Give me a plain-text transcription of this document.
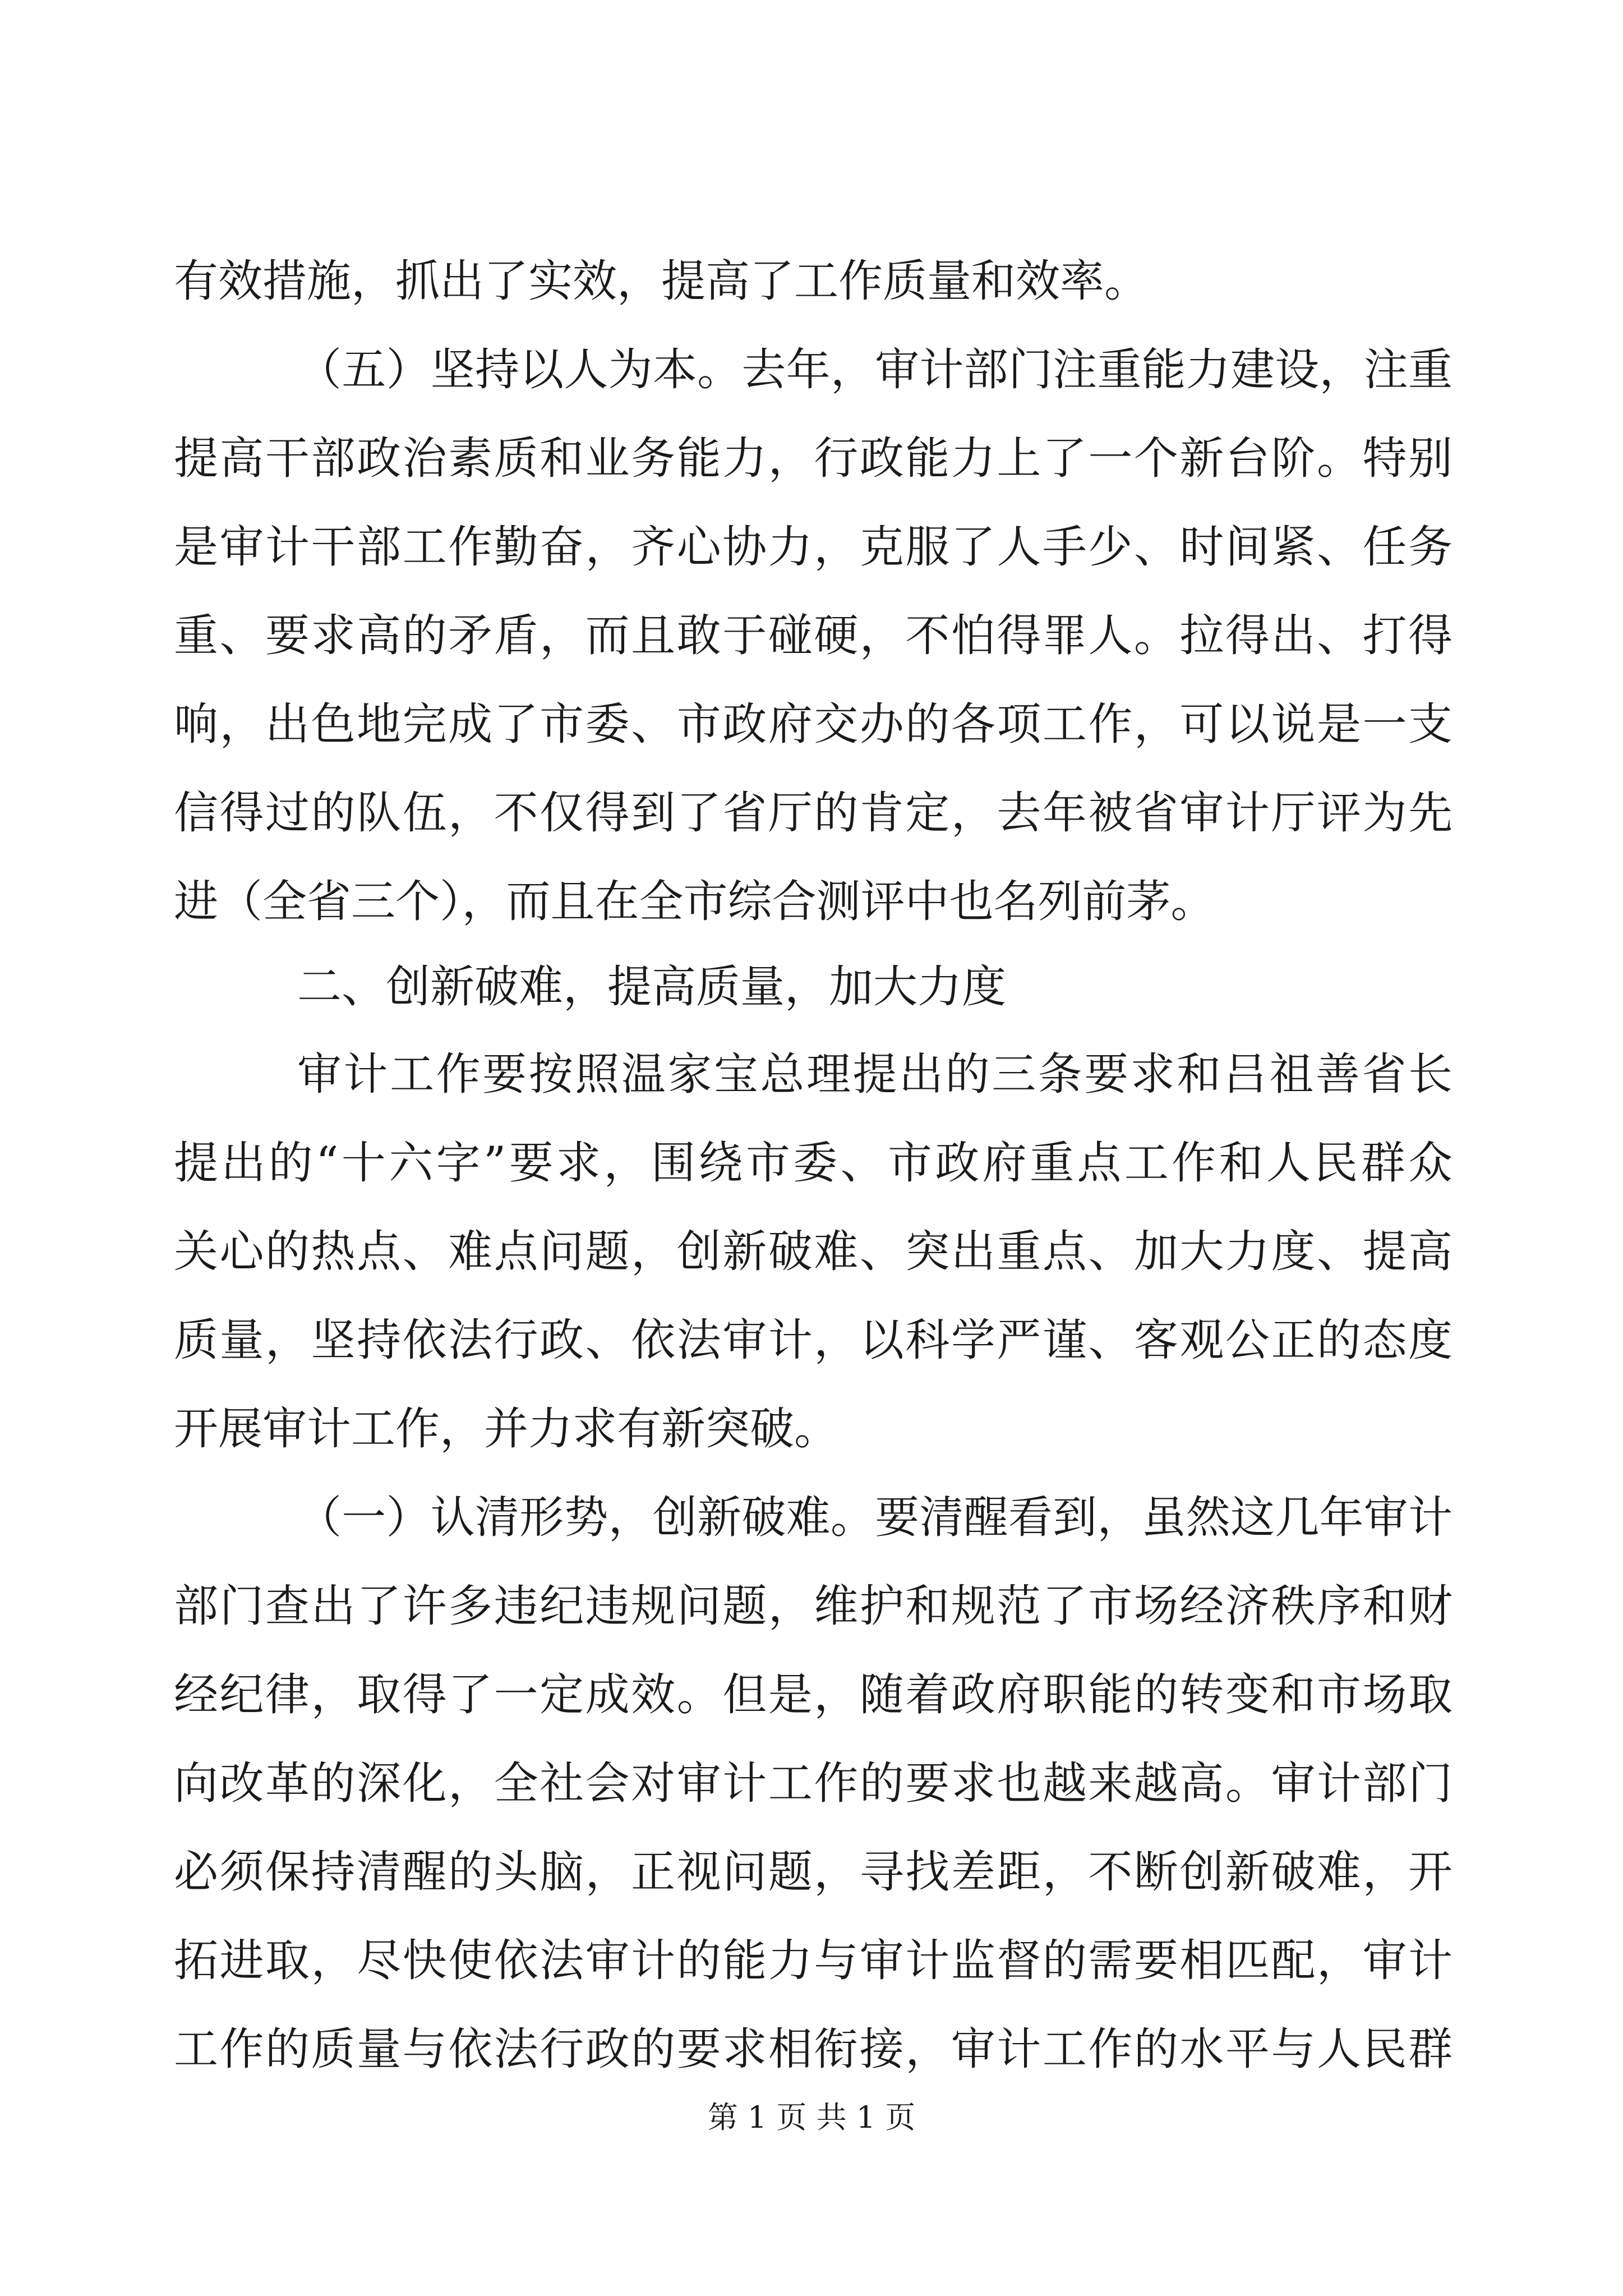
有效措施，抓出了实效，提高了工作质量和效率。
（五）坚持以人为本。去年，审计部门注重能力建设，注重
提高干部政治素质和业务能力，行政能力上了一个新台阶。特别
是审计干部工作勤奋，齐心协力，克服了人手少、时间紧、任务
重、要求高的矛盾，而且敢于碰硬，不怕得罪人。拉得出、打得
响，出色地完成了市委、市政府交办的各项工作，可以说是一支
信得过的队伍，不仅得到了省厅的肯定，去年被省审计厅评为先
进（全省三个），而且在全市综合测评中也名列前茅。
二、创新破难，提高质量，加大力度
审计工作要按照温家宝总理提出的三条要求和吕祖善省长
提出的“十六字”要求，围绕市委、市政府重点工作和人民群众
关心的热点、难点问题，创新破难、突出重点、加大力度、提高
质量，坚持依法行政、依法审计，以科学严谨、客观公正的态度
开展审计工作，并力求有新突破。
（一）认清形势，创新破难。要清醒看到，虽然这几年审计
部门查出了许多违纪违规问题，维护和规范了市场经济秩序和财
经纪律，取得了一定成效。但是，随着政府职能的转变和市场取
向改革的深化，全社会对审计工作的要求也越来越高。审计部门
必须保持清醒的头脑，正视问题，寻找差距，不断创新破难，开
拓进取，尽快使依法审计的能力与审计监督的需要相匹配，审计
工作的质量与依法行政的要求相衔接，审计工作的水平与人民群
第 1 页 共 1 页
